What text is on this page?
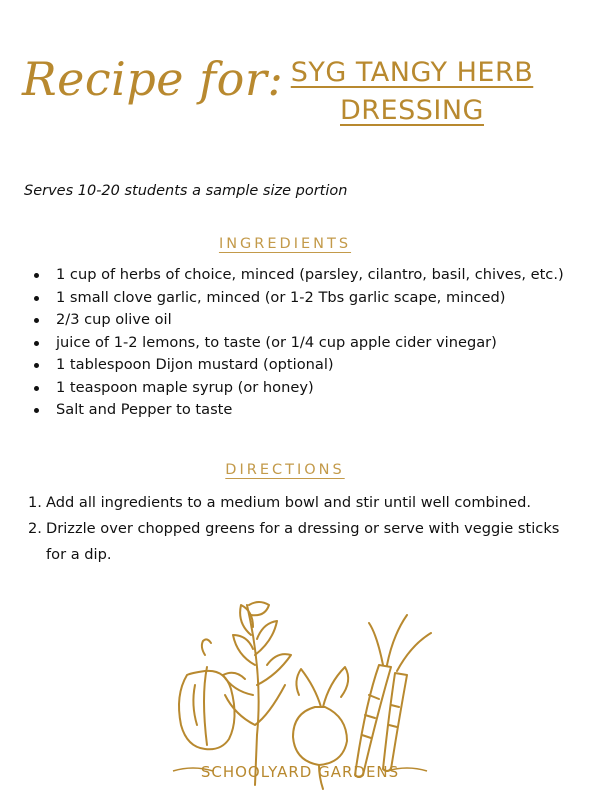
Recipe for: SYG TANGY HERB
DRESSING
Serves 10-20 students a sample size portion
INGREDIENTS
1 cup of herbs of choice, minced (parsley, cilantro, basil, chives, etc.)
1 small clove garlic, minced (or 1-2 Tbs garlic scape, minced)
2/3 cup olive oil
juice of 1-2 lemons, to taste (or 1/4 cup apple cider vinegar)
1 tablespoon Dijon mustard (optional)
1 teaspoon maple syrup (or honey)
Salt and Pepper to taste
DIRECTIONS
1. Add all ingredients to a medium bowl and stir until well combined.
2. Drizzle over chopped greens for a dressing or serve with veggie sticks for a dip.
SCHOOLYARD GARDENS
